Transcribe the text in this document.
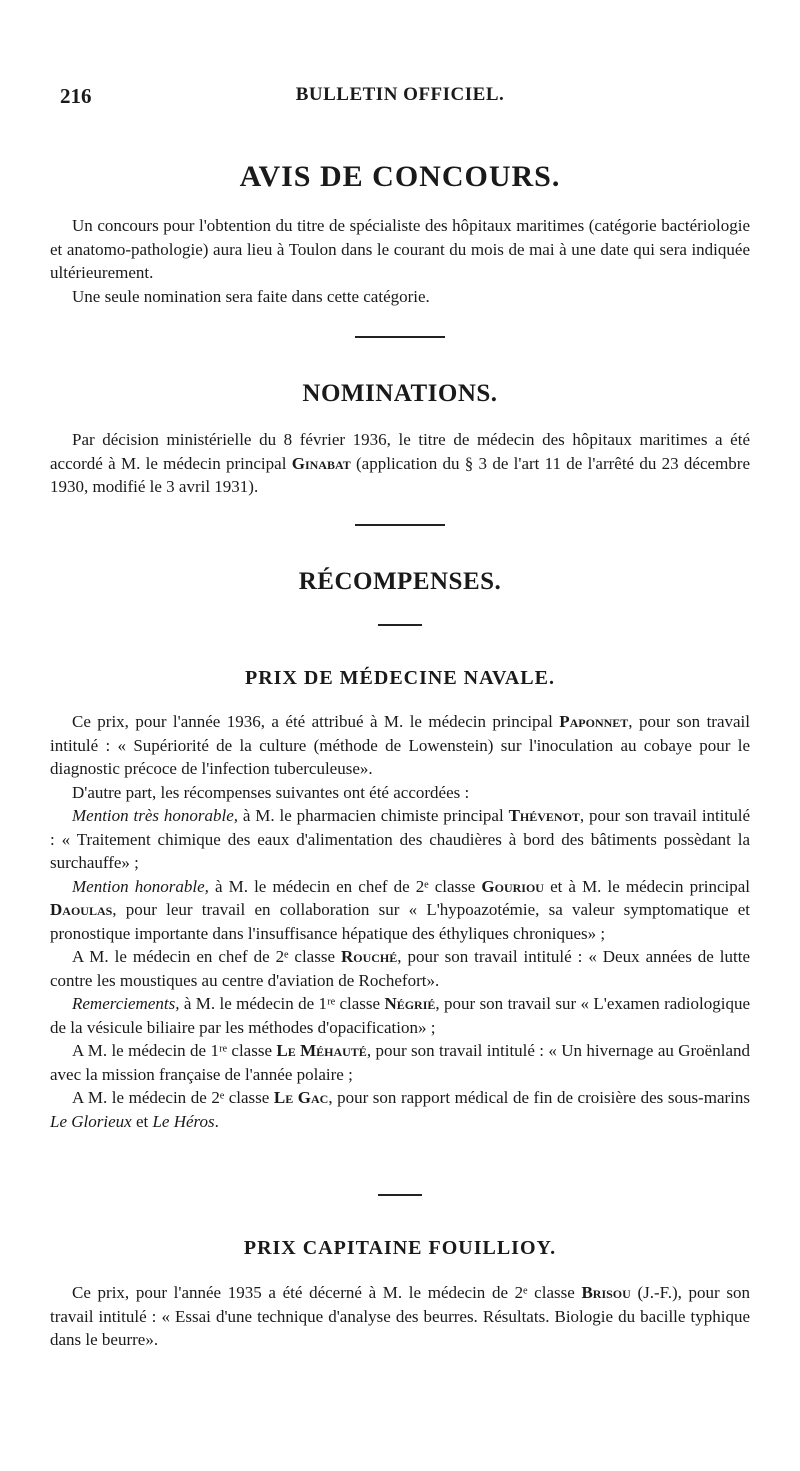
216	BULLETIN OFFICIEL.
AVIS DE CONCOURS.

Un concours pour l'obtention du titre de spécialiste des hôpitaux maritimes (catégorie bactériologie et anatomo-pathologie) aura lieu à Toulon dans le courant du mois de mai à une date qui sera indiquée ultérieurement.

Une seule nomination sera faite dans cette catégorie.

NOMINATIONS.

Par décision ministérielle du 8 février 1936, le titre de médecin des hôpitaux maritimes a été accordé à M. le médecin principal Ginabat (application du § 3 de l'art 11 de l'arrêté du 23 décembre 1930, modifié le 3 avril 1931).

RÉCOMPENSES.
PRIX DE MÉDECINE NAVALE.

Ce prix, pour l'année 1936, a été attribué à M. le médecin principal Paponnet, pour son travail intitulé : « Supériorité de la culture (méthode de Lowenstein) sur l'inoculation au cobaye pour le diagnostic précoce de l'infection tuberculeuse».

D'autre part, les récompenses suivantes ont été accordées :

Mention très honorable, à M. le pharmacien chimiste principal Thévenot, pour son travail intitulé : « Traitement chimique des eaux d'alimentation des chaudières à bord des bâtiments possèdant la surchauffe» ;

Mention honorable, à M. le médecin en chef de 2ᵉ classe Gouriou et à M. le médecin principal Daoulas, pour leur travail en collaboration sur « L'hypoazotémie, sa valeur symptomatique et pronostique importante dans l'insuffisance hépatique des éthyliques chroniques» ;

A M. le médecin en chef de 2ᵉ classe Rouché, pour son travail intitulé : « Deux années de lutte contre les moustiques au centre d'aviation de Rochefort».

Remerciements, à M. le médecin de 1ʳᵉ classe Négrié, pour son travail sur « L'examen radiologique de la vésicule biliaire par les méthodes d'opacification» ;

A M. le médecin de 1ʳᵉ classe Le Méhauté, pour son travail intitulé : « Un hivernage au Groënland avec la mission française de l'année polaire ;

A M. le médecin de 2ᵉ classe Le Gac, pour son rapport médical de fin de croisière des sous-marins Le Glorieux et Le Héros.

PRIX CAPITAINE FOUILLIOY.

Ce prix, pour l'année 1935 a été décerné à M. le médecin de 2ᵉ classe Brisou (J.-F.), pour son travail intitulé : « Essai d'une technique d'analyse des beurres. Résultats. Biologie du bacille typhique dans le beurre».
